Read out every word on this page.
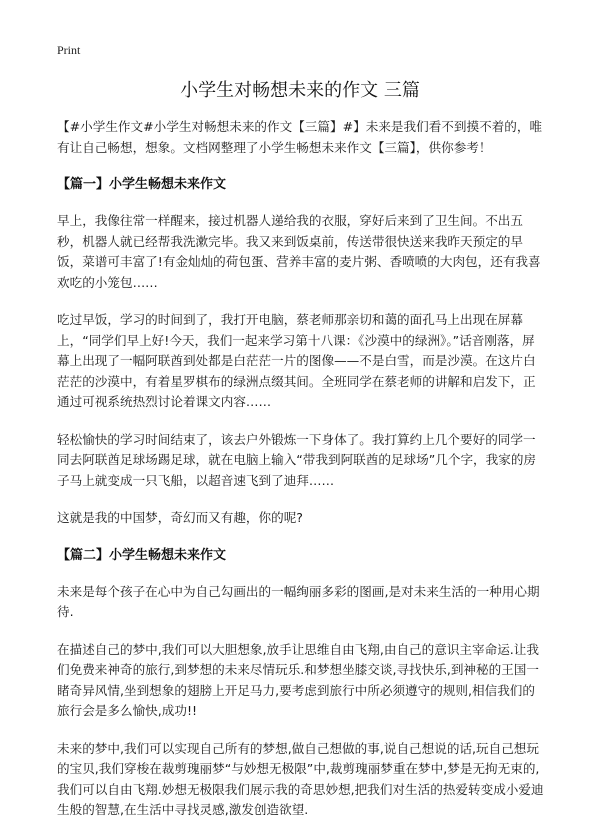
Print
小学生对畅想未来的作文 三篇

【#小学生作文#小学生对畅想未来的作文【三篇】#】未来是我们看不到摸不着的，唯有让自己畅想，想象。文档网整理了小学生畅想未来作文【三篇】，供你参考！

【篇一】小学生畅想未来作文

早上，我像往常一样醒来，接过机器人递给我的衣服，穿好后来到了卫生间。不出五秒，机器人就已经帮我洗漱完毕。我又来到饭桌前，传送带很快送来我昨天预定的早饭，菜谱可丰富了!有金灿灿的荷包蛋、营养丰富的麦片粥、香喷喷的大肉包，还有我喜欢吃的小笼包……

吃过早饭，学习的时间到了，我打开电脑，蔡老师那亲切和蔼的面孔马上出现在屏幕上，“同学们早上好!今天，我们一起来学习第十八课：《沙漠中的绿洲》。”话音刚落，屏幕上出现了一幅阿联酋到处都是白茫茫一片的图像——不是白雪，而是沙漠。在这片白茫茫的沙漠中，有着星罗棋布的绿洲点缀其间。全班同学在蔡老师的讲解和启发下，正通过可视系统热烈讨论着课文内容……

轻松愉快的学习时间结束了，该去户外锻炼一下身体了。我打算约上几个要好的同学一同去阿联酋足球场踢足球，就在电脑上输入“带我到阿联酋的足球场”几个字，我家的房子马上就变成一只飞船，以超音速飞到了迪拜……

这就是我的中国梦，奇幻而又有趣，你的呢?

【篇二】小学生畅想未来作文

未来是每个孩子在心中为自己勾画出的一幅绚丽多彩的图画,是对未来生活的一种用心期待.

在描述自己的梦中,我们可以大胆想象,放手让思维自由飞翔,由自己的意识主宰命运.让我们免费来神奇的旅行,到梦想的未来尽情玩乐.和梦想坐膝交谈,寻找快乐,到神秘的王国一睹奇异风情,坐到想象的翅膀上开足马力,要考虑到旅行中所必须遵守的规则,相信我们的旅行会是多么愉快,成功!!

未来的梦中,我们可以实现自己所有的梦想,做自己想做的事,说自己想说的话,玩自己想玩的宝贝,我们穿梭在裁剪瑰丽梦“与妙想无极限”中,裁剪瑰丽梦重在梦中,梦是无拘无束的,我们可以自由飞翔.妙想无极限我们展示我的奇思妙想,把我们对生活的热爱转变成小爱迪生般的智慧,在生活中寻找灵感,激发创造欲望.
